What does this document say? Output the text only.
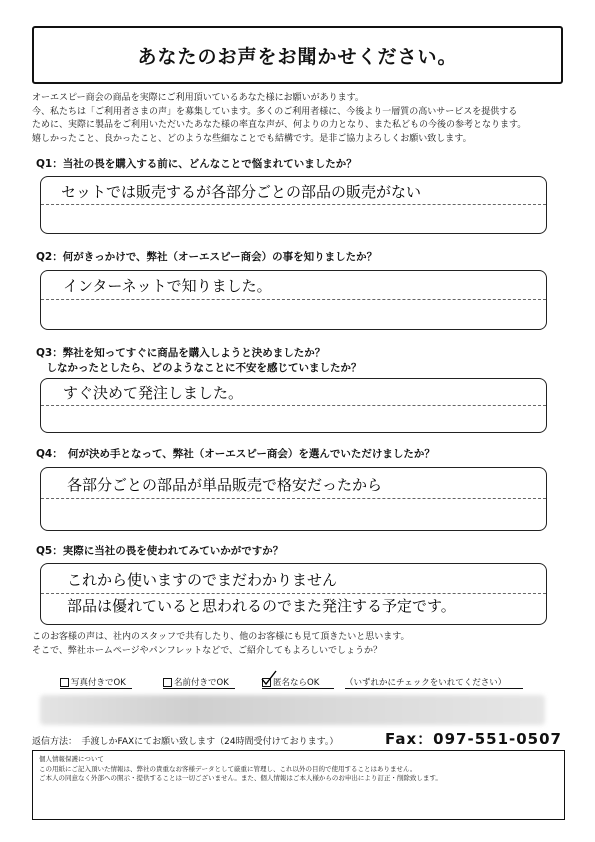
あなたのお声をお聞かせください。

オーエスピー商会の商品を実際にご利用頂いているあなた様にお願いがあります。

今、私たちは「ご利用者さまの声」を募集しています。多くのご利用者様に、今後より一層質の高いサービスを提供する

ために、実際に製品をご利用いただいたあなた様の率直な声が、何よりの力となり、また私どもの今後の参考となります。

嬉しかったこと、良かったこと、どのような些細なことでも結構です。是非ご協力よろしくお願い致します。

Q1：当社の畏を購入する前に、どんなことで悩まれていましたか？
セットでは販売するが各部分ごとの部品の販売がない
Q2：何がきっかけで、弊社（オーエスピー商会）の事を知りましたか？
インターネットで知りました。
Q3：弊社を知ってすぐに商品を購入しようと決めましたか？
　しなかったとしたら、どのようなことに不安を感じていましたか？
すぐ決めて発注しました。
Q4：　何が決め手となって、弊社（オーエスピー商会）を選んでいただけましたか？
各部分ごとの部品が単品販売で格安だったから
Q5：実際に当社の畏を使われてみていかがですか？
これから使いますのでまだわかりません
部品は優れていると思われるのでまた発注する予定です。

このお客様の声は、社内のスタッフで共有したり、他のお客様にも見て頂きたいと思います。

そこで、弊社ホームページやパンフレットなどで、ご紹介してもよろしいでしょうか？

写真付きでOK	名前付きでOK	匿名ならOK	（いずれかにチェックをいれてください）
返信方法：　手渡しかFAXにてお願い致します（24時間受付けております。）	Fax：097-551-0507

個人情報保護について

この用紙にご記入頂いた情報は、弊社の貴重なお客様データとして厳重に管理し、これ以外の目的で使用することはありません。

ご本人の同意なく外部への開示・提供することは一切ございません。また、個人情報はご本人様からのお申出により訂正・削除致します。
